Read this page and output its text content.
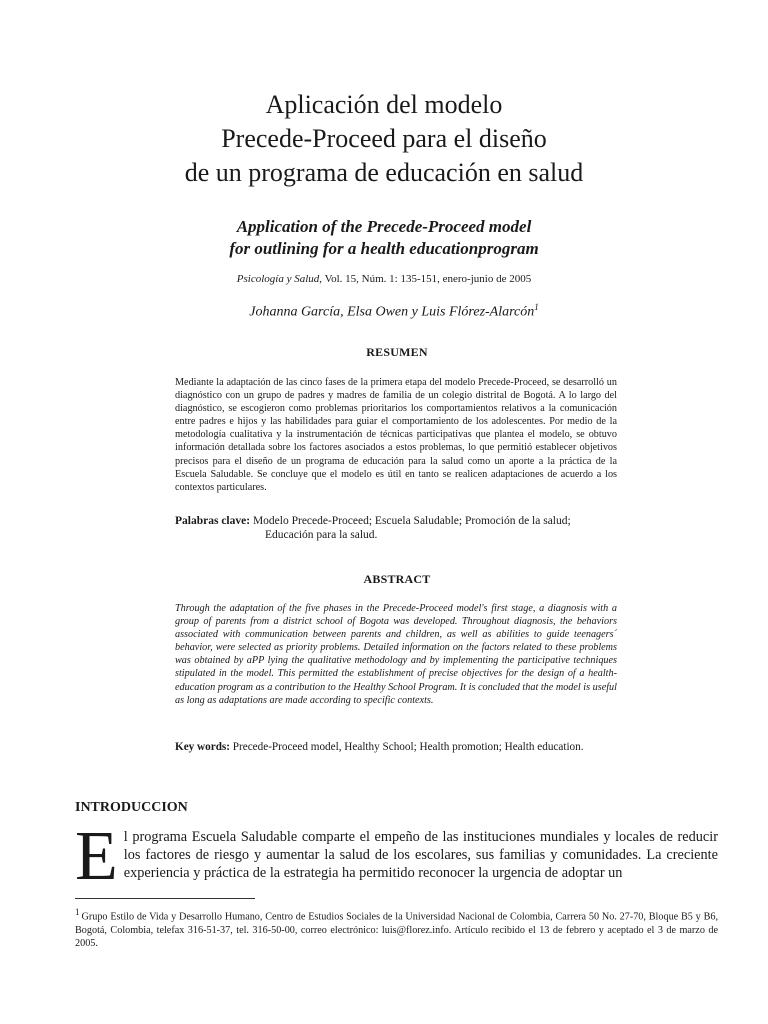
Aplicación del modelo
Precede-Proceed para el diseño
de un programa de educación en salud
Application of the Precede-Proceed model
for outlining for a health educationprogram
Psicología y Salud, Vol. 15, Núm. 1: 135-151, enero-junio de 2005
Johanna García, Elsa Owen y Luis Flórez-Alarcón$^1$
RESUMEN

Mediante la adaptación de las cinco fases de la primera etapa del modelo Precede-Proceed, se desarrolló un diagnóstico con un grupo de padres y madres de familia de un colegio distrital de Bogotá. A lo largo del diagnóstico, se escogieron como problemas prioritarios los comportamientos relativos a la comunicación entre padres e hijos y las habilidades para guiar el comportamiento de los adolescentes. Por medio de la metodología cualitativa y la instrumentación de técnicas participativas que plantea el modelo, se obtuvo información detallada sobre los factores asociados a estos problemas, lo que permitió establecer objetivos precisos para el diseño de un programa de educación para la salud como un aporte a la práctica de la Escuela Saludable. Se concluye que el modelo es útil en tanto se realicen adaptaciones de acuerdo a los contextos particulares.

Palabras clave: Modelo Precede-Proceed; Escuela Saludable; Promoción de la salud;
Educación para la salud.

ABSTRACT

Through the adaptation of the five phases in the Precede-Proceed model's first stage, a diagnosis with a group of parents from a district school of Bogota was developed. Throughout diagnosis, the behaviors associated with communication between parents and children, as well as abilities to guide teenagers´ behavior, were selected as priority problems. Detailed information on the factors related to these problems was obtained by aPP lying the qualitative methodology and by implementing the participative techniques stipulated in the model. This permitted the establishment of precise objectives for the design of a health-education program as a contribution to the Healthy School Program. It is concluded that the model is useful as long as adaptations are made according to specific contexts.

Key words: Precede-Proceed model, Healthy School; Health promotion; Health education.

INTRODUCCION

El programa Escuela Saludable comparte el empeño de las instituciones mundiales y locales de reducir los factores de riesgo y aumentar la salud de los escolares, sus familias y comunidades. La creciente experiencia y práctica de la estrategia ha permitido reconocer la urgencia de adoptar un

$^1$ Grupo Estilo de Vida y Desarrollo Humano, Centro de Estudios Sociales de la Universidad Nacional de Colombia, Carrera 50 No. 27-70, Bloque B5 y B6, Bogotá, Colombia, telefax 316-51-37, tel. 316-50-00, correo electrónico: luis@florez.info. Artículo recibido el 13 de febrero y aceptado el 3 de marzo de 2005.
